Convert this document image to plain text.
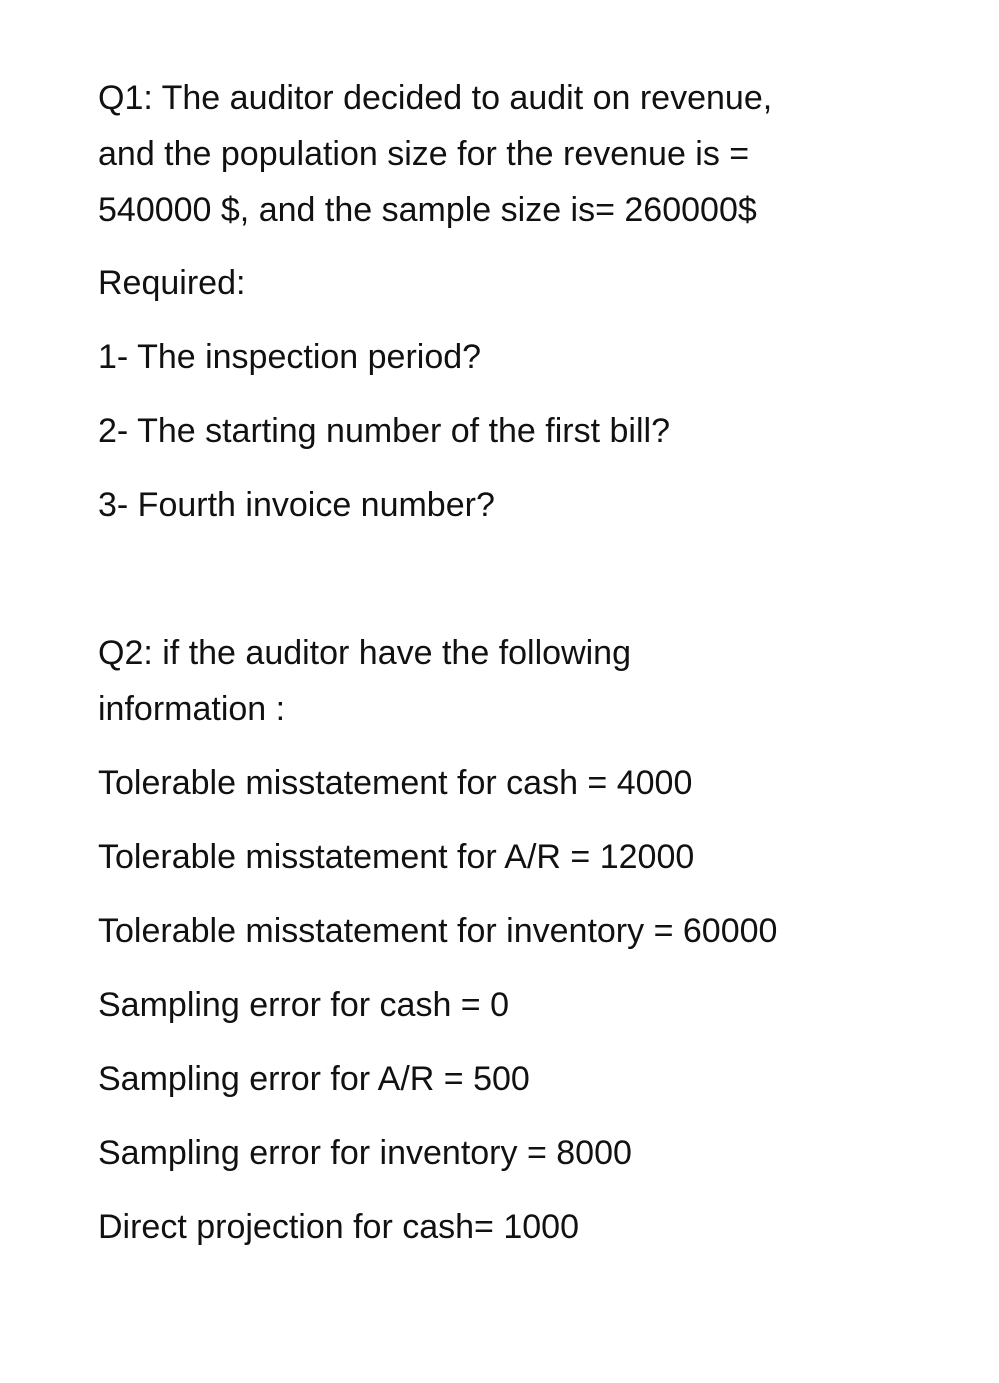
Q1: The auditor decided to audit on revenue,
and the population size for the revenue is =
540000 $, and the sample size is= 260000$
Required:
1- The inspection period?
2- The starting number of the first bill?
3- Fourth invoice number?
Q2: if the auditor have the following
information :
Tolerable misstatement for cash = 4000
Tolerable misstatement for A/R = 12000
Tolerable misstatement for inventory = 60000
Sampling error for cash = 0
Sampling error for A/R = 500
Sampling error for inventory = 8000
Direct projection for cash= 1000
